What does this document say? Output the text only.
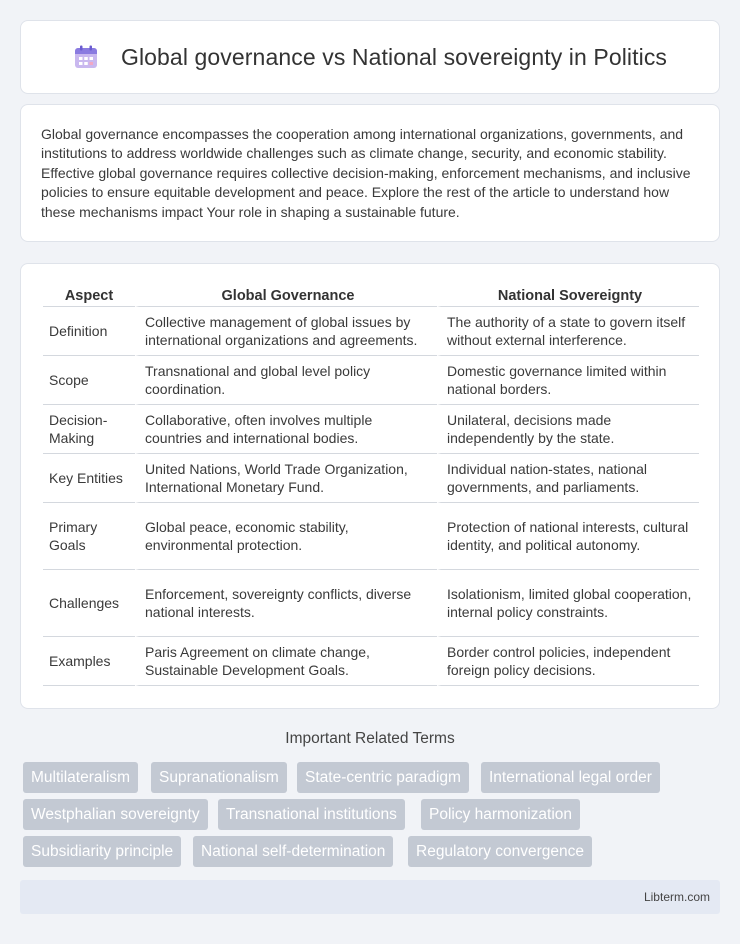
Global governance vs National sovereignty in Politics

Global governance encompasses the cooperation among international organizations, governments, and institutions to address worldwide challenges such as climate change, security, and economic stability. Effective global governance requires collective decision-making, enforcement mechanisms, and inclusive policies to ensure equitable development and peace. Explore the rest of the article to understand how these mechanisms impact Your role in shaping a sustainable future.

Aspect	Global Governance	National Sovereignty
Definition	Collective management of global issues by international organizations and agreements.	The authority of a state to govern itself without external interference.
Scope	Transnational and global level policy coordination.	Domestic governance limited within national borders.
Decision-Making	Collaborative, often involves multiple countries and international bodies.	Unilateral, decisions made independently by the state.
Key Entities	United Nations, World Trade Organization, International Monetary Fund.	Individual nation-states, national governments, and parliaments.
Primary Goals	Global peace, economic stability, environmental protection.	Protection of national interests, cultural identity, and political autonomy.
Challenges	Enforcement, sovereignty conflicts, diverse national interests.	Isolationism, limited global cooperation, internal policy constraints.
Examples	Paris Agreement on climate change, Sustainable Development Goals.	Border control policies, independent foreign policy decisions.
Important Related Terms
Multilateralism	Supranationalism	State-centric paradigm	International legal order
Westphalian sovereignty	Transnational institutions	Policy harmonization
Subsidiarity principle	National self-determination	Regulatory convergence
Libterm.com
